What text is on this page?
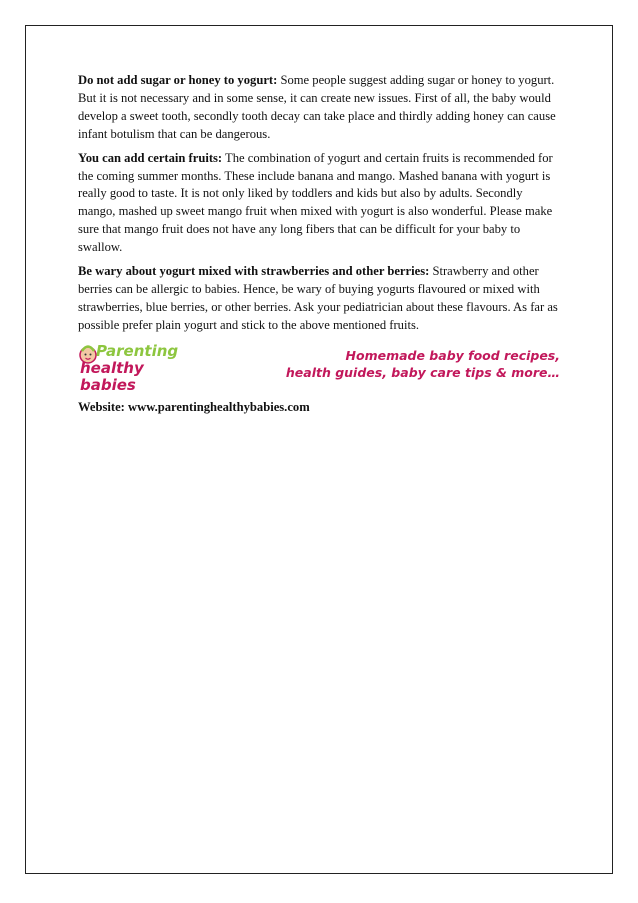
Do not add sugar or honey to yogurt: Some people suggest adding sugar or honey to yogurt. But it is not necessary and in some sense, it can create new issues. First of all, the baby would develop a sweet tooth, secondly tooth decay can take place and thirdly adding honey can cause infant botulism that can be dangerous.

You can add certain fruits: The combination of yogurt and certain fruits is recommended for the coming summer months. These include banana and mango. Mashed banana with yogurt is really good to taste. It is not only liked by toddlers and kids but also by adults. Secondly mango, mashed up sweet mango fruit when mixed with yogurt is also wonderful. Please make sure that mango fruit does not have any long fibers that can be difficult for your baby to swallow.

Be wary about yogurt mixed with strawberries and other berries: Strawberry and other berries can be allergic to babies. Hence, be wary of buying yogurts flavoured or mixed with strawberries, blue berries, or other berries. Ask your pediatrician about these flavours. As far as possible prefer plain yogurt and stick to the above mentioned fruits.

Parenting
healthy babies
Homemade baby food recipes,
health guides, baby care tips & more…
Website: www.parentinghealthybabies.com
